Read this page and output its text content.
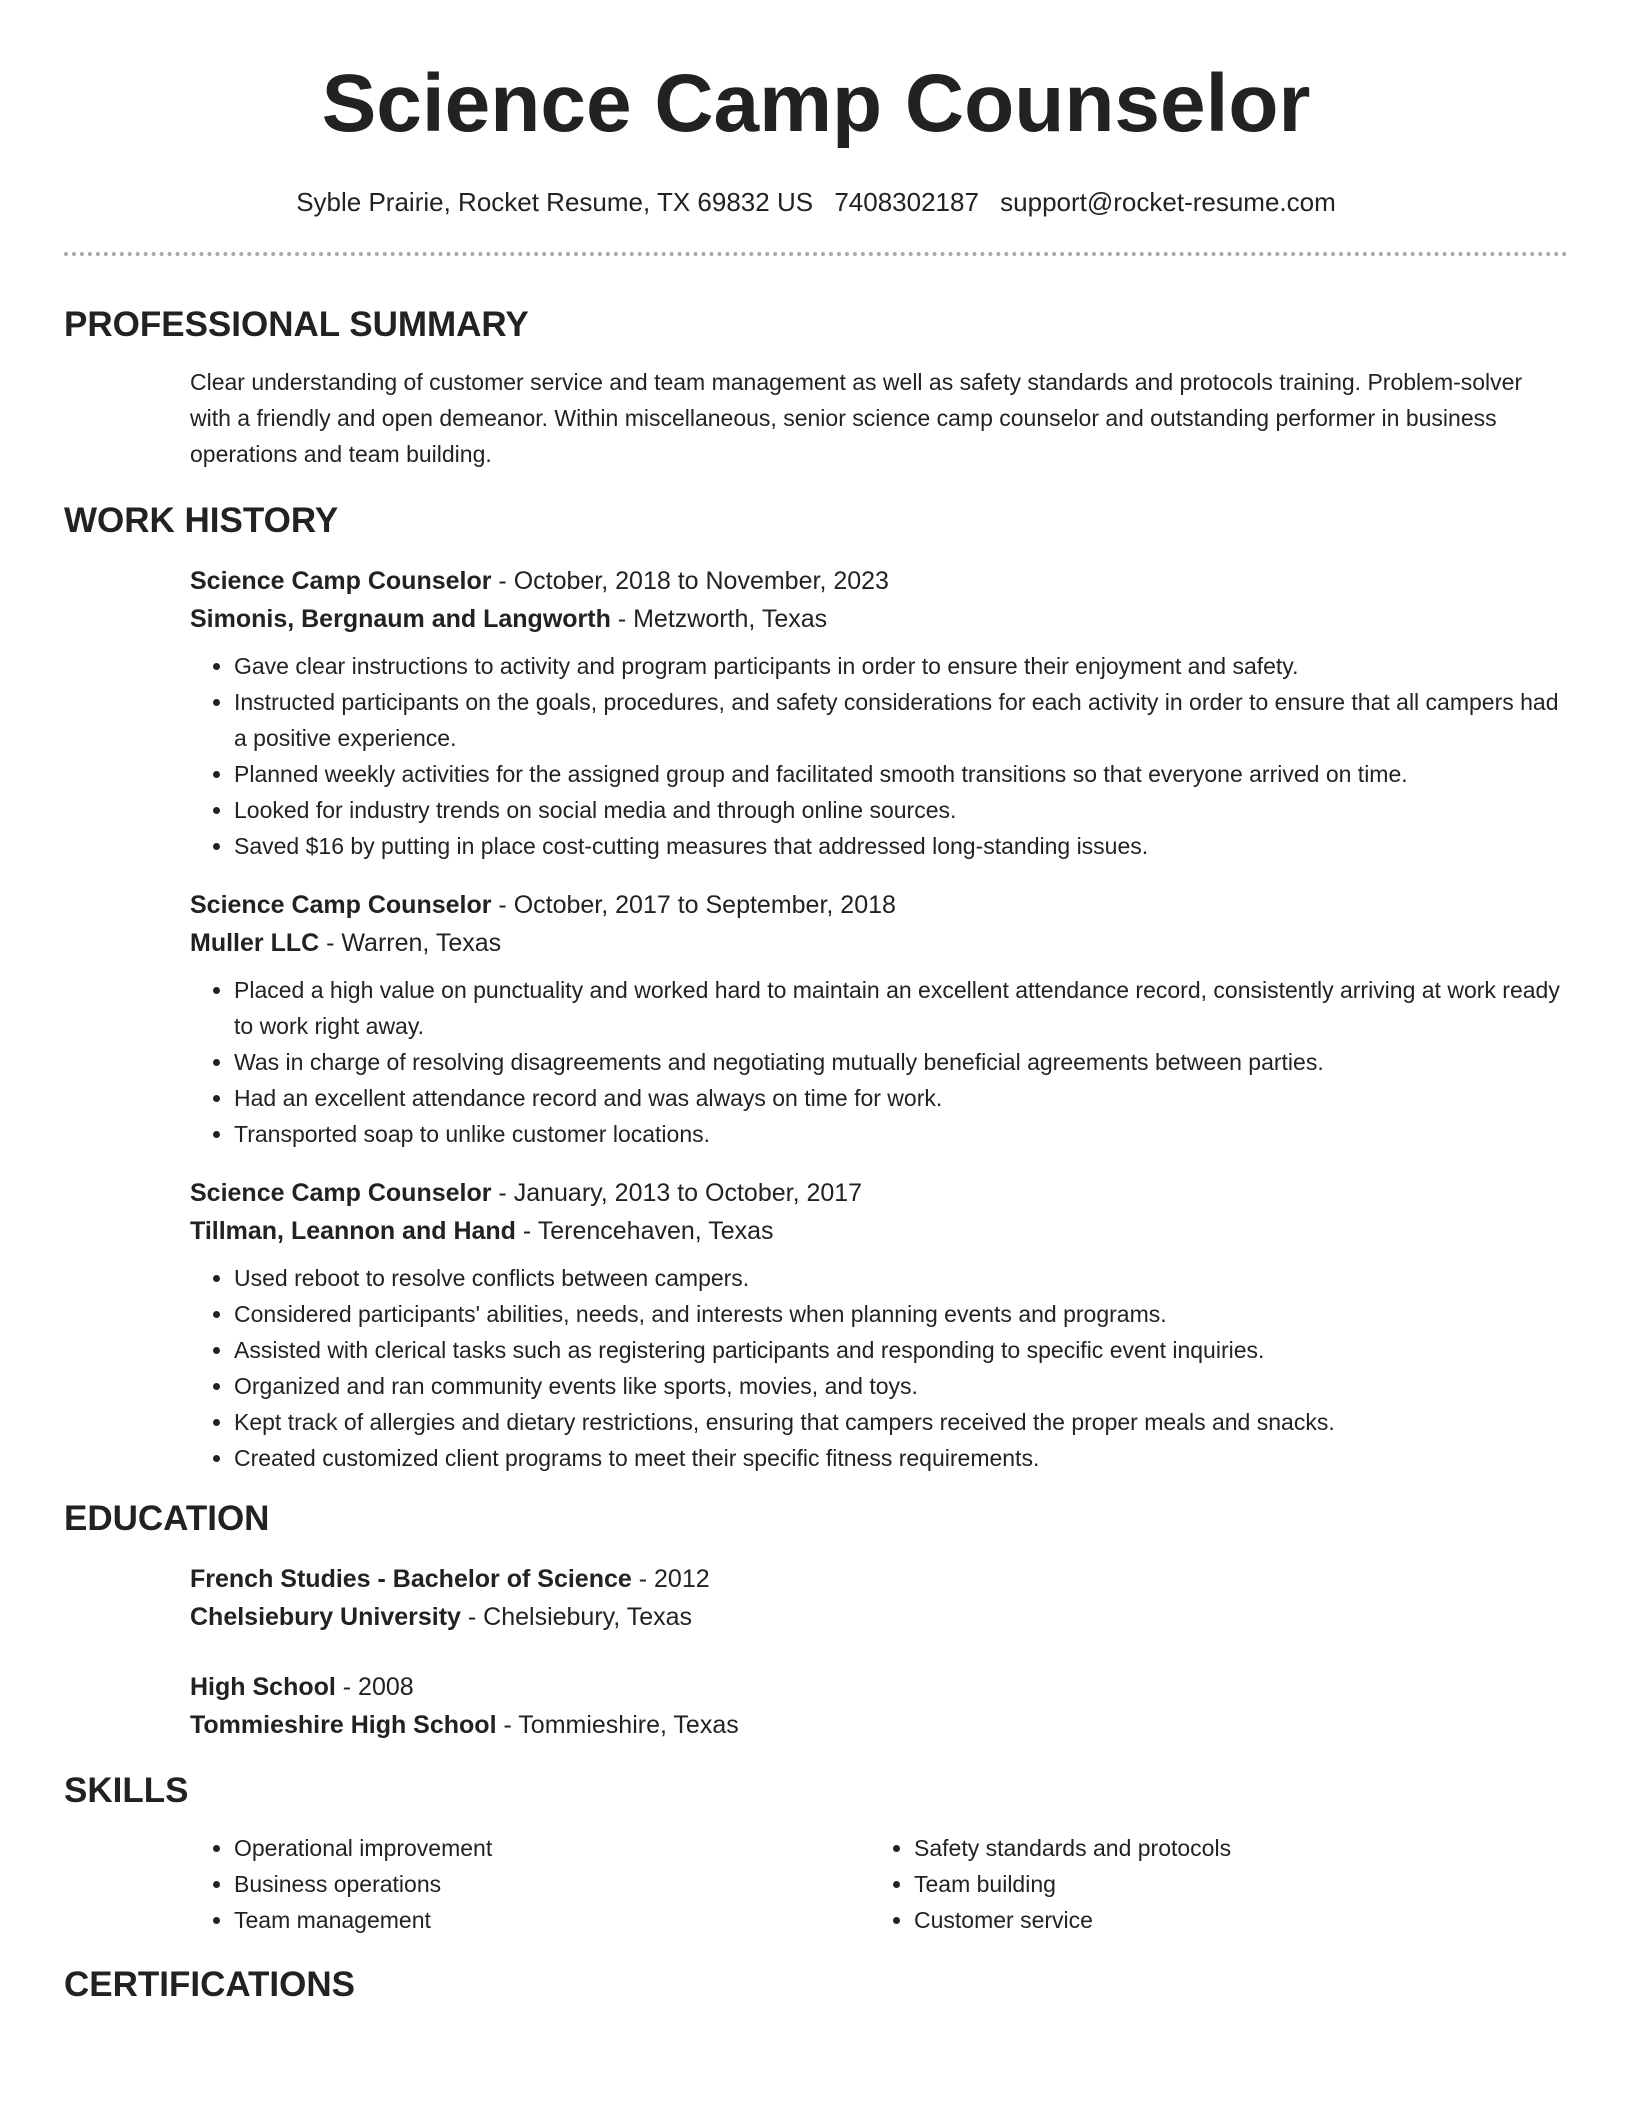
Science Camp Counselor
Syble Prairie, Rocket Resume, TX 69832 US 7408302187 support@rocket-resume.com
PROFESSIONAL SUMMARY

Clear understanding of customer service and team management as well as safety standards and protocols training. Problem-solver with a friendly and open demeanor. Within miscellaneous, senior science camp counselor and outstanding performer in business operations and team building.

WORK HISTORY
Science Camp Counselor - October, 2018 to November, 2023
Simonis, Bergnaum and Langworth - Metzworth, Texas
• Gave clear instructions to activity and program participants in order to ensure their enjoyment and safety.
• Instructed participants on the goals, procedures, and safety considerations for each activity in order to ensure that all campers had a positive experience.
• Planned weekly activities for the assigned group and facilitated smooth transitions so that everyone arrived on time.
• Looked for industry trends on social media and through online sources.
• Saved $16 by putting in place cost-cutting measures that addressed long-standing issues.
Science Camp Counselor - October, 2017 to September, 2018
Muller LLC - Warren, Texas
• Placed a high value on punctuality and worked hard to maintain an excellent attendance record, consistently arriving at work ready to work right away.
• Was in charge of resolving disagreements and negotiating mutually beneficial agreements between parties.
• Had an excellent attendance record and was always on time for work.
• Transported soap to unlike customer locations.
Science Camp Counselor - January, 2013 to October, 2017
Tillman, Leannon and Hand - Terencehaven, Texas
• Used reboot to resolve conflicts between campers.
• Considered participants' abilities, needs, and interests when planning events and programs.
• Assisted with clerical tasks such as registering participants and responding to specific event inquiries.
• Organized and ran community events like sports, movies, and toys.
• Kept track of allergies and dietary restrictions, ensuring that campers received the proper meals and snacks.
• Created customized client programs to meet their specific fitness requirements.
EDUCATION
French Studies - Bachelor of Science - 2012
Chelsiebury University - Chelsiebury, Texas
High School - 2008
Tommieshire High School - Tommieshire, Texas
SKILLS
• Operational improvement
• Business operations
• Team management
• Safety standards and protocols
• Team building
• Customer service
CERTIFICATIONS
